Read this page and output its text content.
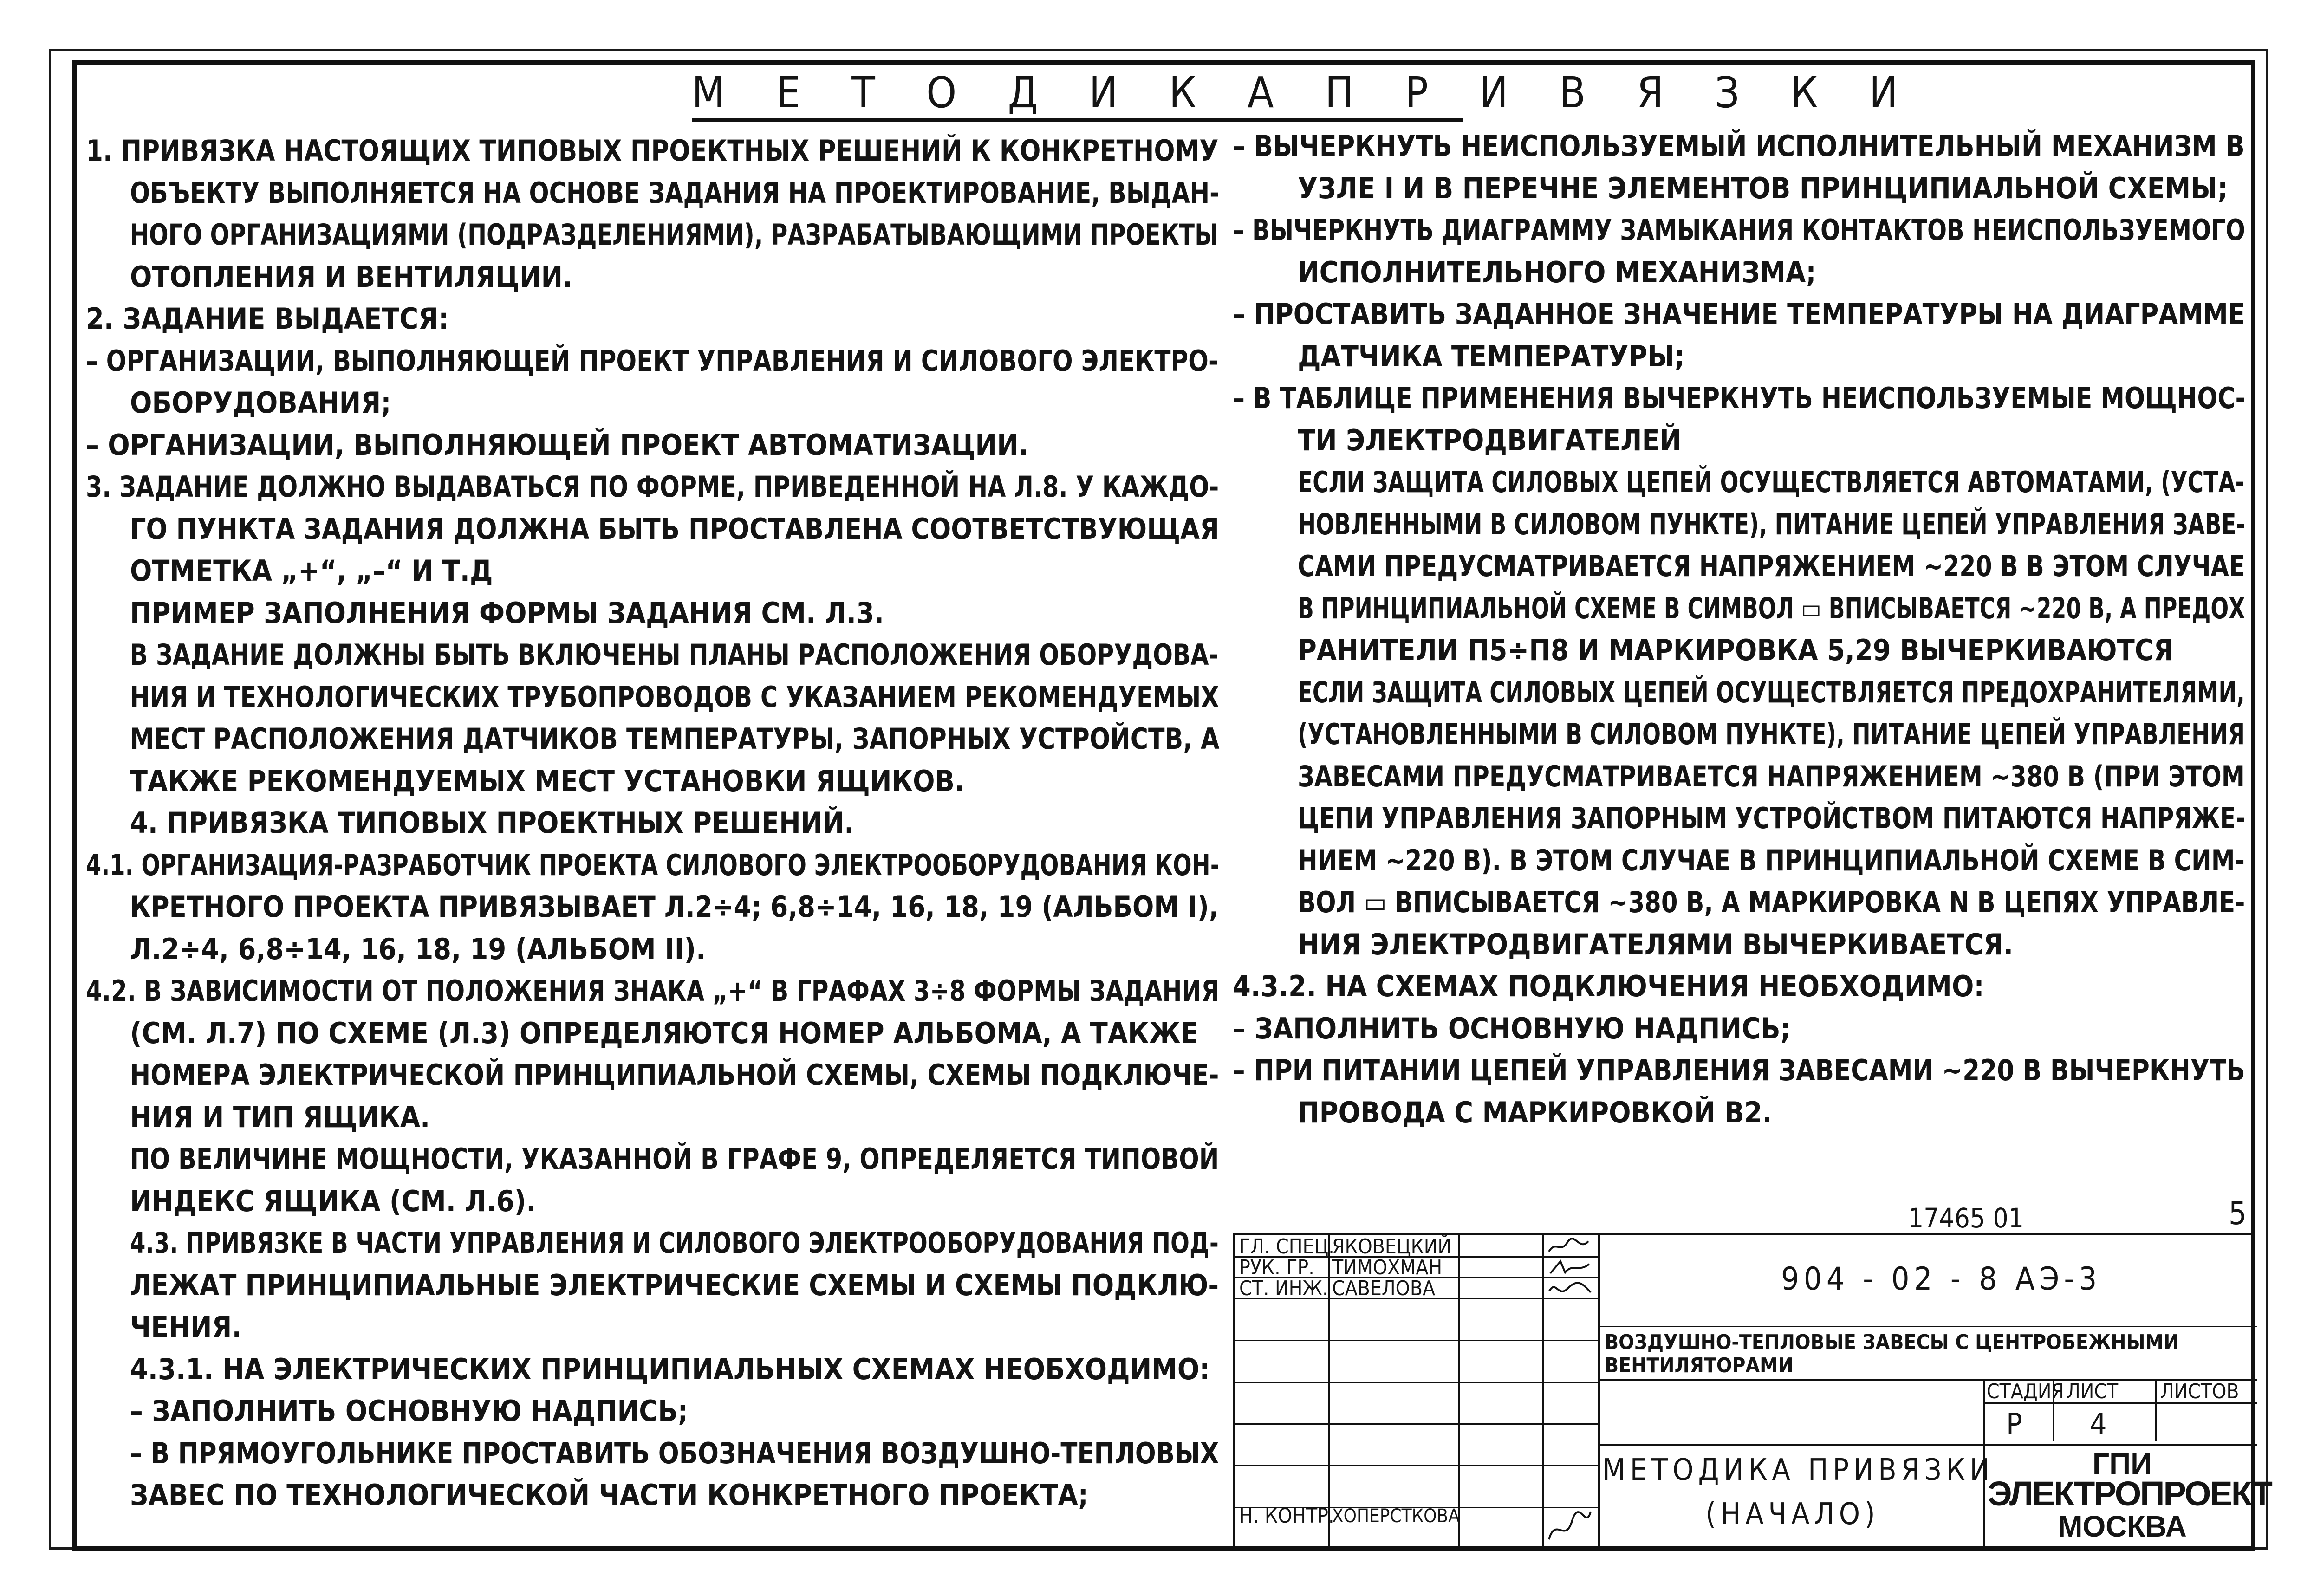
М Е Т О Д И К А П Р И В Я З К И
1. ПРИВЯЗКА НАСТОЯЩИХ ТИПОВЫХ ПРОЕКТНЫХ РЕШЕНИЙ К КОНКРЕТНОМУ
ОБЪЕКТУ ВЫПОЛНЯЕТСЯ НА ОСНОВЕ ЗАДАНИЯ НА ПРОЕКТИРОВАНИЕ, ВЫДАН-
НОГО ОРГАНИЗАЦИЯМИ (ПОДРАЗДЕЛЕНИЯМИ), РАЗРАБАТЫВАЮЩИМИ ПРОЕКТЫ
ОТОПЛЕНИЯ И ВЕНТИЛЯЦИИ.
2. ЗАДАНИЕ ВЫДАЕТСЯ:
– ОРГАНИЗАЦИИ, ВЫПОЛНЯЮЩЕЙ ПРОЕКТ УПРАВЛЕНИЯ И СИЛОВОГО ЭЛЕКТРО-
ОБОРУДОВАНИЯ;
– ОРГАНИЗАЦИИ, ВЫПОЛНЯЮЩЕЙ ПРОЕКТ АВТОМАТИЗАЦИИ.
3. ЗАДАНИЕ ДОЛЖНО ВЫДАВАТЬСЯ ПО ФОРМЕ, ПРИВЕДЕННОЙ НА Л.8. У КАЖДО-
ГО ПУНКТА ЗАДАНИЯ ДОЛЖНА БЫТЬ ПРОСТАВЛЕНА СООТВЕТСТВУЮЩАЯ
ОТМЕТКА „+“, „–“ И Т.Д
ПРИМЕР ЗАПОЛНЕНИЯ ФОРМЫ ЗАДАНИЯ СМ. Л.3.
В ЗАДАНИЕ ДОЛЖНЫ БЫТЬ ВКЛЮЧЕНЫ ПЛАНЫ РАСПОЛОЖЕНИЯ ОБОРУДОВА-
НИЯ И ТЕХНОЛОГИЧЕСКИХ ТРУБОПРОВОДОВ С УКАЗАНИЕМ РЕКОМЕНДУЕМЫХ
МЕСТ РАСПОЛОЖЕНИЯ ДАТЧИКОВ ТЕМПЕРАТУРЫ, ЗАПОРНЫХ УСТРОЙСТВ, А
ТАКЖЕ РЕКОМЕНДУЕМЫХ МЕСТ УСТАНОВКИ ЯЩИКОВ.
4. ПРИВЯЗКА ТИПОВЫХ ПРОЕКТНЫХ РЕШЕНИЙ.
4.1. ОРГАНИЗАЦИЯ-РАЗРАБОТЧИК ПРОЕКТА СИЛОВОГО ЭЛЕКТРООБОРУДОВАНИЯ КОН-
КРЕТНОГО ПРОЕКТА ПРИВЯЗЫВАЕТ Л.2÷4; 6,8÷14, 16, 18, 19 (АЛЬБОМ I),
Л.2÷4, 6,8÷14, 16, 18, 19 (АЛЬБОМ II).
4.2. В ЗАВИСИМОСТИ ОТ ПОЛОЖЕНИЯ ЗНАКА „+“ В ГРАФАХ 3÷8 ФОРМЫ ЗАДАНИЯ
(СМ. Л.7) ПО СХЕМЕ (Л.3) ОПРЕДЕЛЯЮТСЯ НОМЕР АЛЬБОМА, А ТАКЖЕ
НОМЕРА ЭЛЕКТРИЧЕСКОЙ ПРИНЦИПИАЛЬНОЙ СХЕМЫ, СХЕМЫ ПОДКЛЮЧЕ-
НИЯ И ТИП ЯЩИКА.
ПО ВЕЛИЧИНЕ МОЩНОСТИ, УКАЗАННОЙ В ГРАФЕ 9, ОПРЕДЕЛЯЕТСЯ ТИПОВОЙ
ИНДЕКС ЯЩИКА (СМ. Л.6).
4.3. ПРИВЯЗКЕ В ЧАСТИ УПРАВЛЕНИЯ И СИЛОВОГО ЭЛЕКТРООБОРУДОВАНИЯ ПОД-
ЛЕЖАТ ПРИНЦИПИАЛЬНЫЕ ЭЛЕКТРИЧЕСКИЕ СХЕМЫ И СХЕМЫ ПОДКЛЮ-
ЧЕНИЯ.
4.3.1. НА ЭЛЕКТРИЧЕСКИХ ПРИНЦИПИАЛЬНЫХ СХЕМАХ НЕОБХОДИМО:
– ЗАПОЛНИТЬ ОСНОВНУЮ НАДПИСЬ;
– В ПРЯМОУГОЛЬНИКЕ ПРОСТАВИТЬ ОБОЗНАЧЕНИЯ ВОЗДУШНО-ТЕПЛОВЫХ
ЗАВЕС ПО ТЕХНОЛОГИЧЕСКОЙ ЧАСТИ КОНКРЕТНОГО ПРОЕКТА;
– ВЫЧЕРКНУТЬ НЕИСПОЛЬЗУЕМЫЙ ИСПОЛНИТЕЛЬНЫЙ МЕХАНИЗМ В
УЗЛЕ I И В ПЕРЕЧНЕ ЭЛЕМЕНТОВ ПРИНЦИПИАЛЬНОЙ СХЕМЫ;
– ВЫЧЕРКНУТЬ ДИАГРАММУ ЗАМЫКАНИЯ КОНТАКТОВ НЕИСПОЛЬЗУЕМОГО
ИСПОЛНИТЕЛЬНОГО МЕХАНИЗМА;
– ПРОСТАВИТЬ ЗАДАННОЕ ЗНАЧЕНИЕ ТЕМПЕРАТУРЫ НА ДИАГРАММЕ
ДАТЧИКА ТЕМПЕРАТУРЫ;
– В ТАБЛИЦЕ ПРИМЕНЕНИЯ ВЫЧЕРКНУТЬ НЕИСПОЛЬЗУЕМЫЕ МОЩНОС-
ТИ ЭЛЕКТРОДВИГАТЕЛЕЙ
ЕСЛИ ЗАЩИТА СИЛОВЫХ ЦЕПЕЙ ОСУЩЕСТВЛЯЕТСЯ АВТОМАТАМИ, (УСТА-
НОВЛЕННЫМИ В СИЛОВОМ ПУНКТЕ), ПИТАНИЕ ЦЕПЕЙ УПРАВЛЕНИЯ ЗАВЕ-
САМИ ПРЕДУСМАТРИВАЕТСЯ НАПРЯЖЕНИЕМ ~220 В В ЭТОМ СЛУЧАЕ
В ПРИНЦИПИАЛЬНОЙ СХЕМЕ В СИМВОЛ ▭ ВПИСЫВАЕТСЯ ~220 В, А ПРЕДОХ
РАНИТЕЛИ П5÷П8 И МАРКИРОВКА 5,29 ВЫЧЕРКИВАЮТСЯ
ЕСЛИ ЗАЩИТА СИЛОВЫХ ЦЕПЕЙ ОСУЩЕСТВЛЯЕТСЯ ПРЕДОХРАНИТЕЛЯМИ,
(УСТАНОВЛЕННЫМИ В СИЛОВОМ ПУНКТЕ), ПИТАНИЕ ЦЕПЕЙ УПРАВЛЕНИЯ
ЗАВЕСАМИ ПРЕДУСМАТРИВАЕТСЯ НАПРЯЖЕНИЕМ ~380 В (ПРИ ЭТОМ
ЦЕПИ УПРАВЛЕНИЯ ЗАПОРНЫМ УСТРОЙСТВОМ ПИТАЮТСЯ НАПРЯЖЕ-
НИЕМ ~220 В). В ЭТОМ СЛУЧАЕ В ПРИНЦИПИАЛЬНОЙ СХЕМЕ В СИМ-
ВОЛ ▭ ВПИСЫВАЕТСЯ ~380 В, А МАРКИРОВКА N В ЦЕПЯХ УПРАВЛЕ-
НИЯ ЭЛЕКТРОДВИГАТЕЛЯМИ ВЫЧЕРКИВАЕТСЯ.
4.3.2. НА СХЕМАХ ПОДКЛЮЧЕНИЯ НЕОБХОДИМО:
– ЗАПОЛНИТЬ ОСНОВНУЮ НАДПИСЬ;
– ПРИ ПИТАНИИ ЦЕПЕЙ УПРАВЛЕНИЯ ЗАВЕСАМИ ~220 В ВЫЧЕРКНУТЬ
ПРОВОДА С МАРКИРОВКОЙ В2.
17465 01	5
ГЛ. СПЕЦ.
РУК. ГР.
СТ. ИНЖ.
Н. КОНТР.
ЯКОВЕЦКИЙ
ТИМОХМАН
САВЕЛОВА
ХОПЕРСТКОВА
904 - 02 - 8 АЭ-3
ВОЗДУШНО-ТЕПЛОВЫЕ ЗАВЕСЫ С ЦЕНТРОБЕЖНЫМИ
ВЕНТИЛЯТОРАМИ
СТАДИЯ ЛИСТ ЛИСТОВ
Р 4
МЕТОДИКА ПРИВЯЗКИ
(НАЧАЛО)
ГПИ
ЭЛЕКТРОПРОЕКТ
МОСКВА
